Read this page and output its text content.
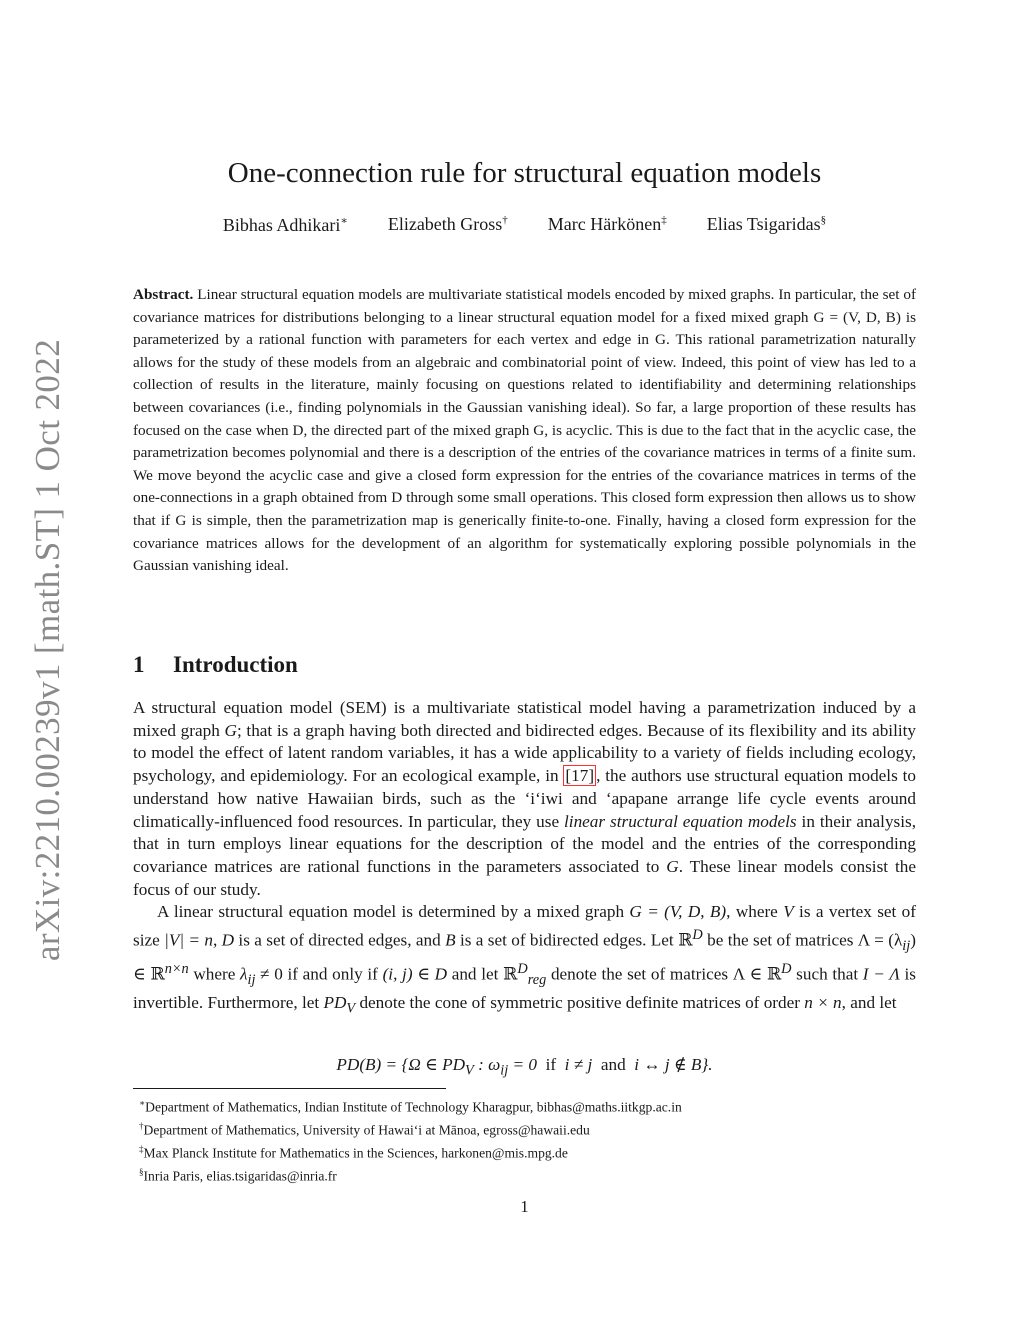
arXiv:2210.00239v1 [math.ST] 1 Oct 2022
One-connection rule for structural equation models
Bibhas Adhikari∗ Elizabeth Gross† Marc Härkönen‡ Elias Tsigaridas§

Abstract. Linear structural equation models are multivariate statistical models encoded by mixed graphs. In particular, the set of covariance matrices for distributions belonging to a linear structural equation model for a fixed mixed graph G = (V, D, B) is parameterized by a rational function with parameters for each vertex and edge in G. This rational parametrization naturally allows for the study of these models from an algebraic and combinatorial point of view. Indeed, this point of view has led to a collection of results in the literature, mainly focusing on questions related to identifiability and determining relationships between covariances (i.e., finding polynomials in the Gaussian vanishing ideal). So far, a large proportion of these results has focused on the case when D, the directed part of the mixed graph G, is acyclic. This is due to the fact that in the acyclic case, the parametrization becomes polynomial and there is a description of the entries of the covariance matrices in terms of a finite sum. We move beyond the acyclic case and give a closed form expression for the entries of the covariance matrices in terms of the one-connections in a graph obtained from D through some small operations. This closed form expression then allows us to show that if G is simple, then the parametrization map is generically finite-to-one. Finally, having a closed form expression for the covariance matrices allows for the development of an algorithm for systematically exploring possible polynomials in the Gaussian vanishing ideal.

1 Introduction

A structural equation model (SEM) is a multivariate statistical model having a parametrization induced by a mixed graph G; that is a graph having both directed and bidirected edges. Because of its flexibility and its ability to model the effect of latent random variables, it has a wide applicability to a variety of fields including ecology, psychology, and epidemiology. For an ecological example, in [17] , the authors use structural equation models to understand how native Hawaiian birds, such as the ‘i‘iwi and ‘apapane arrange life cycle events around climatically-influenced food resources. In particular, they use linear structural equation models in their analysis, that in turn employs linear equations for the description of the model and the entries of the corresponding covariance matrices are rational functions in the parameters associated to G. These linear models consist the focus of our study.

A linear structural equation model is determined by a mixed graph G = (V, D, B), where V is a vertex set of size |V| = n, D is a set of directed edges, and B is a set of bidirected edges. Let ℝ$^D$ be the set of matrices $\Lambda = (\lambda_{ij})$ ∈ ℝ$^{n\times n}$ where $\lambda_{ij} \ne 0$ if and only if (i, j) ∈ D and let ℝ$^D_{reg}$ denote the set of matrices Λ ∈ ℝ$^D$ such that I − Λ is invertible. Furthermore, let $PD_V$ denote the cone of symmetric positive definite matrices of order n × n, and let

PD(B) = {Ω ∈ $PD_V$ : $\omega_{ij} = 0$ if i ≠ j and i ↔ j ∉ B}.
∗Department of Mathematics, Indian Institute of Technology Kharagpur, bibhas@maths.iitkgp.ac.in
†Department of Mathematics, University of Hawai‘i at Mānoa, egross@hawaii.edu
‡Max Planck Institute for Mathematics in the Sciences, harkonen@mis.mpg.de
§Inria Paris, elias.tsigaridas@inria.fr
1
